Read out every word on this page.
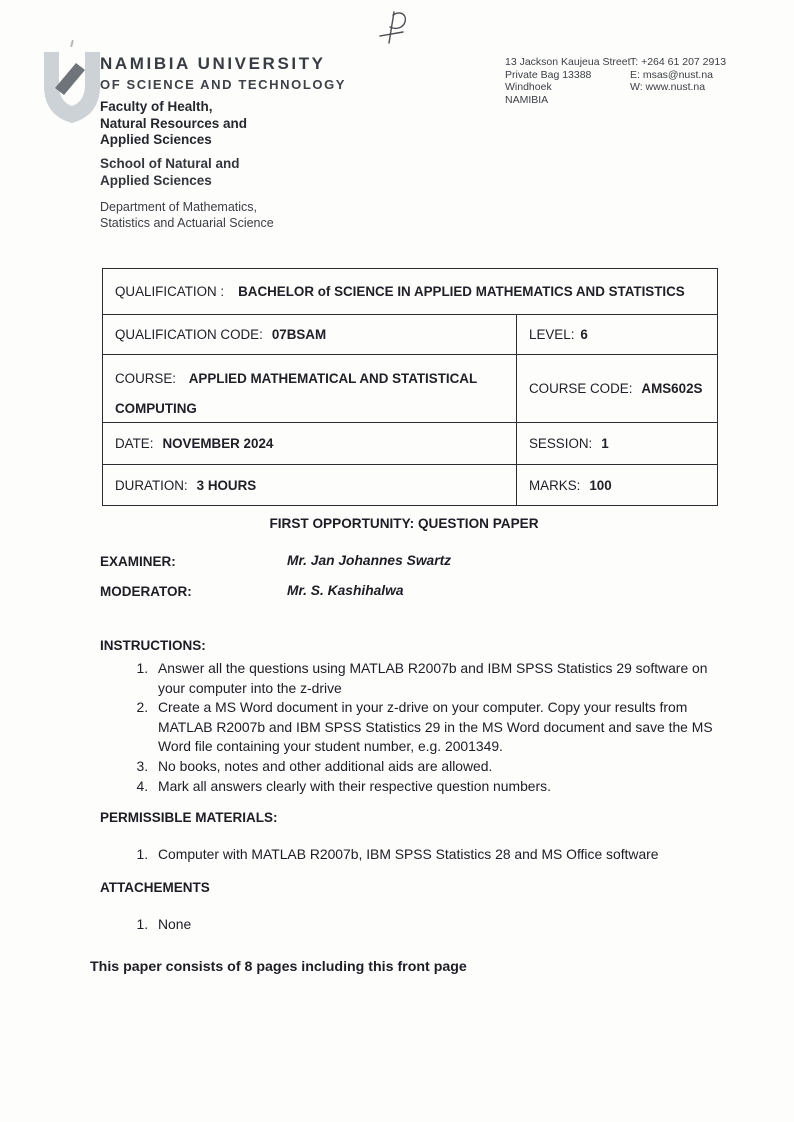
NAMIBIA UNIVERSITY
OF SCIENCE AND TECHNOLOGY
13 Jackson Kaujeua Street
Private Bag 13388
Windhoek
NAMIBIA
T: +264 61 207 2913
E: msas@nust.na
W: www.nust.na
Faculty of Health, Natural Resources and Applied Sciences
School of Natural and Applied Sciences
Department of Mathematics, Statistics and Actuarial Science
QUALIFICATION : BACHELOR of SCIENCE IN APPLIED MATHEMATICS AND STATISTICS
QUALIFICATION CODE: 07BSAM	LEVEL: 6
COURSE: APPLIED MATHEMATICAL AND STATISTICAL COMPUTING
COURSE CODE: AMS602S
DATE: NOVEMBER 2024	SESSION: 1
DURATION: 3 HOURS	MARKS: 100
FIRST OPPORTUNITY: QUESTION PAPER
EXAMINER:	Mr. Jan Johannes Swartz
MODERATOR:	Mr. S. Kashihalwa
INSTRUCTIONS:
1. Answer all the questions using MATLAB R2007b and IBM SPSS Statistics 29 software on your computer into the z-drive
2. Create a MS Word document in your z-drive on your computer. Copy your results from MATLAB R2007b and IBM SPSS Statistics 29 in the MS Word document and save the MS Word file containing your student number, e.g. 2001349.
3. No books, notes and other additional aids are allowed.
4. Mark all answers clearly with their respective question numbers.
PERMISSIBLE MATERIALS:
1. Computer with MATLAB R2007b, IBM SPSS Statistics 28 and MS Office software
ATTACHEMENTS
1. None
This paper consists of 8 pages including this front page
